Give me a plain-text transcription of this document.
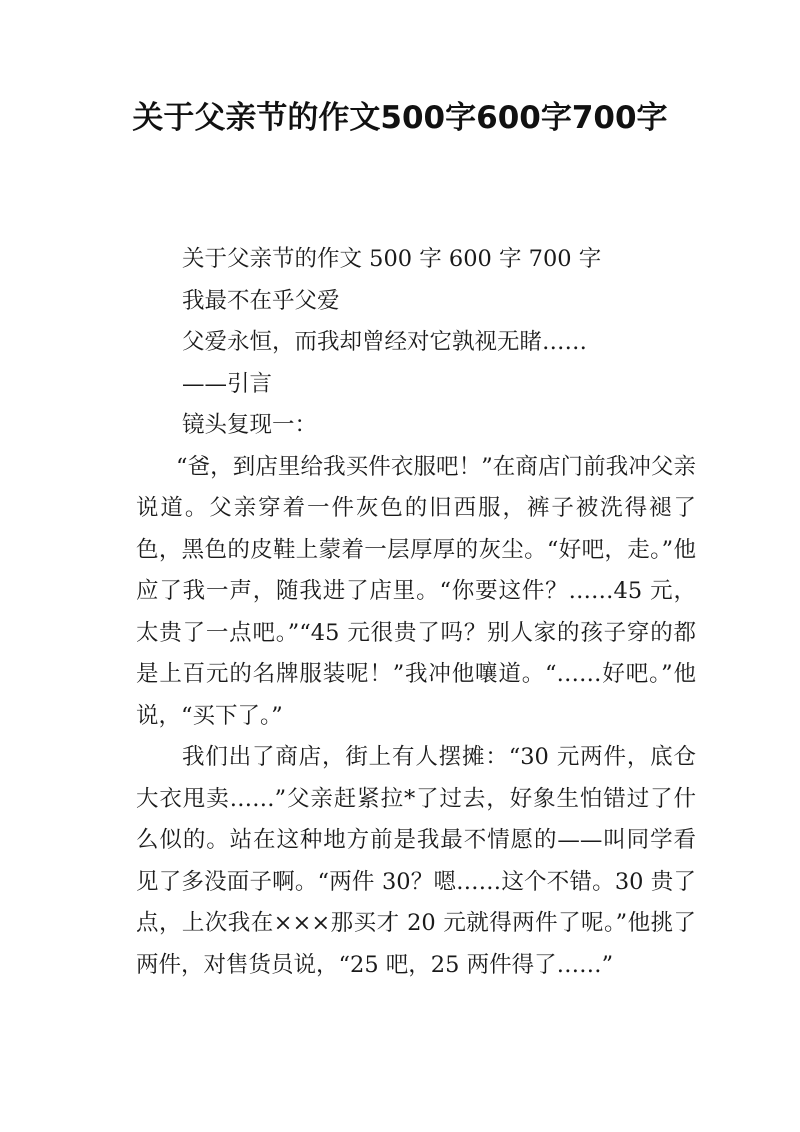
关于父亲节的作文500字600字700字

关于父亲节的作文 500 字 600 字 700 字

我最不在乎父爱

父爱永恒，而我却曾经对它孰视无睹……

——引言

镜头复现一：

“爸，到店里给我买件衣服吧！”在商店门前我冲父亲说道。父亲穿着一件灰色的旧西服，裤子被洗得褪了色，黑色的皮鞋上蒙着一层厚厚的灰尘。“好吧，走。”他应了我一声，随我进了店里。“你要这件？……45 元，太贵了一点吧。”“45 元很贵了吗？别人家的孩子穿的都是上百元的名牌服装呢！”我冲他嚷道。“……好吧。”他说，“买下了。”

我们出了商店，街上有人摆摊：“30 元两件，底仓大衣甩卖……”父亲赶紧拉*了过去，好象生怕错过了什么似的。站在这种地方前是我最不情愿的——叫同学看见了多没面子啊。“两件 30？嗯……这个不错。30 贵了点，上次我在×××那买才 20 元就得两件了呢。”他挑了两件，对售货员说，“25 吧，25 两件得了……”
